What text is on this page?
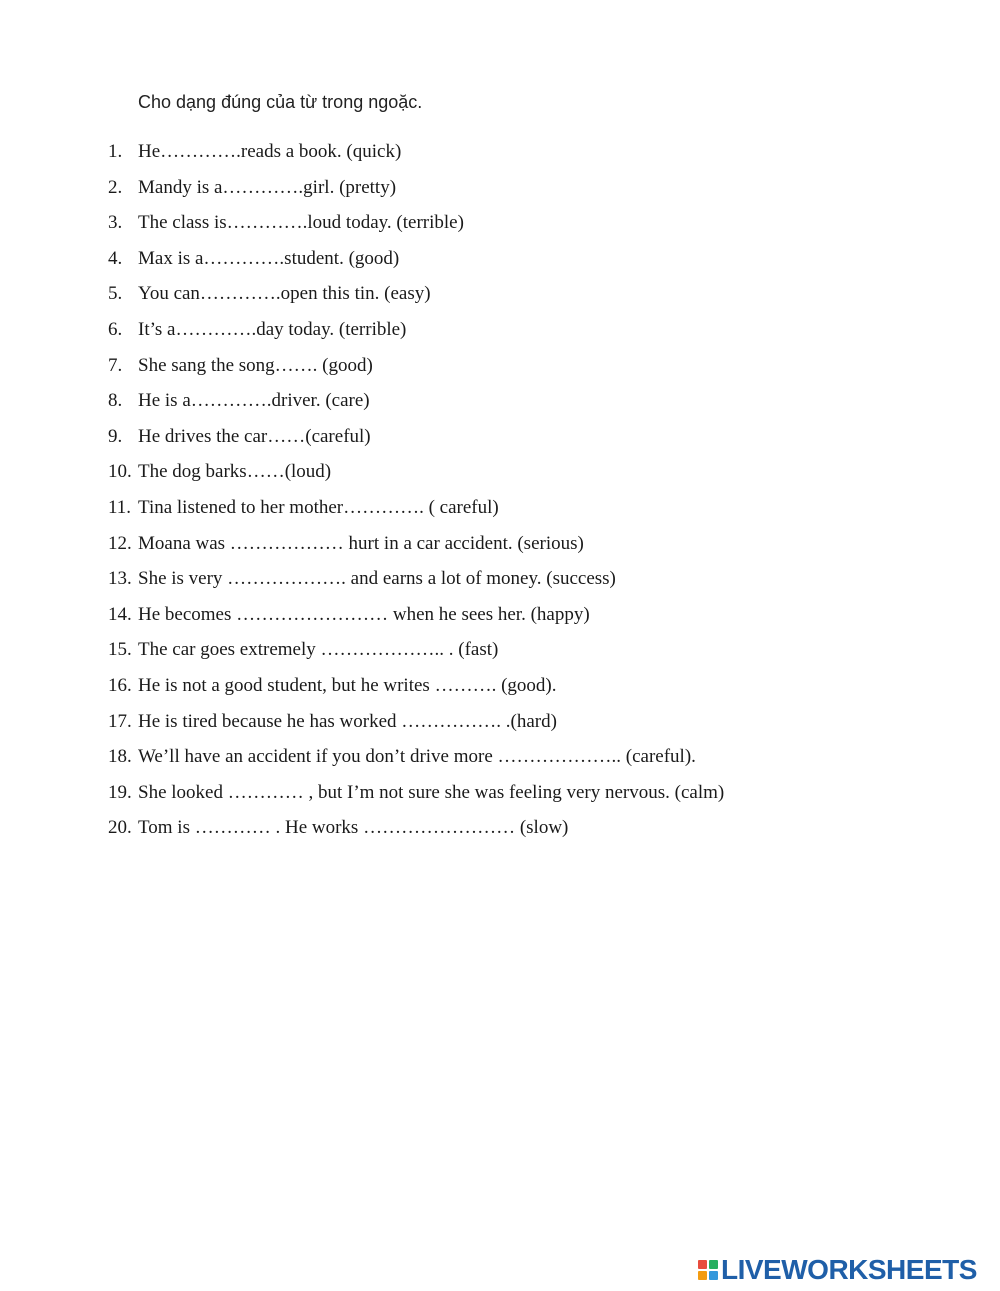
Cho dạng đúng của từ trong ngoặc.

1. He………….reads a book. (quick)
2. Mandy is a………….girl. (pretty)
3. The class is………….loud today. (terrible)
4. Max is a………….student. (good)
5. You can………….open this tin. (easy)
6. It’s a………….day today. (terrible)
7. She sang the song……. (good)
8. He is a………….driver. (care)
9. He drives the car……(careful)
10. The dog barks……(loud)
11. Tina listened to her mother…………. ( careful)
12. Moana was ……………… hurt in a car accident. (serious)
13. She is very ………………. and earns a lot of money. (success)
14. He becomes …………………… when he sees her. (happy)
15. The car goes extremely ……………….. . (fast)
16. He is not a good student, but he writes ………. (good).
17. He is tired because he has worked ……………. .(hard)
18. We’ll have an accident if you don’t drive more ……………….. (careful).
19. She looked ………… , but I’m not sure she was feeling very nervous. (calm)
20. Tom is ………… . He works …………………… (slow)
LIVEWORKSHEETS
